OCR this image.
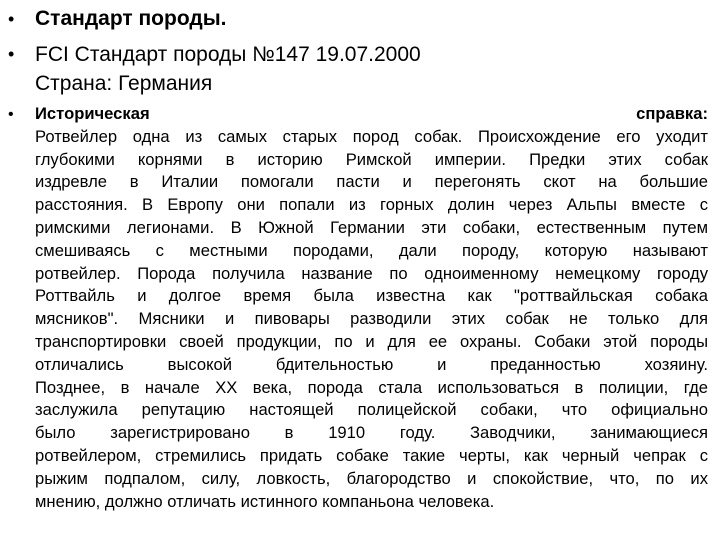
• Стандарт породы.
• FCI Стандарт породы №147 19.07.2000
Страна: Германия
• Историческая	справка:
Ротвейлер одна из самых старых пород собак. Происхождение его уходит
глубокими корнями в историю Римской империи. Предки этих собак
издревле в Италии помогали пасти и перегонять скот на большие
расстояния. В Европу они попали из горных долин через Альпы вместе с
римскими легионами. В Южной Германии эти собаки, естественным путем
смешиваясь с местными породами, дали породу, которую называют
ротвейлер. Порода получила название по одноименному немецкому городу
Роттвайль и долгое время была известна как "роттвайльская собака
мясников". Мясники и пивовары разводили этих собак не только для
транспортировки своей продукции, по и для ее охраны. Собаки этой породы
отличались высокой бдительностью и преданностью хозяину.
Позднее, в начале XX века, порода стала использоваться в полиции, где
заслужила репутацию настоящей полицейской собаки, что официально
было зарегистрировано в 1910 году. Заводчики, занимающиеся
ротвейлером, стремились придать собаке такие черты, как черный чепрак с
рыжим подпалом, силу, ловкость, благородство и спокойствие, что, по их
мнению, должно отличать истинного компаньона человека.
